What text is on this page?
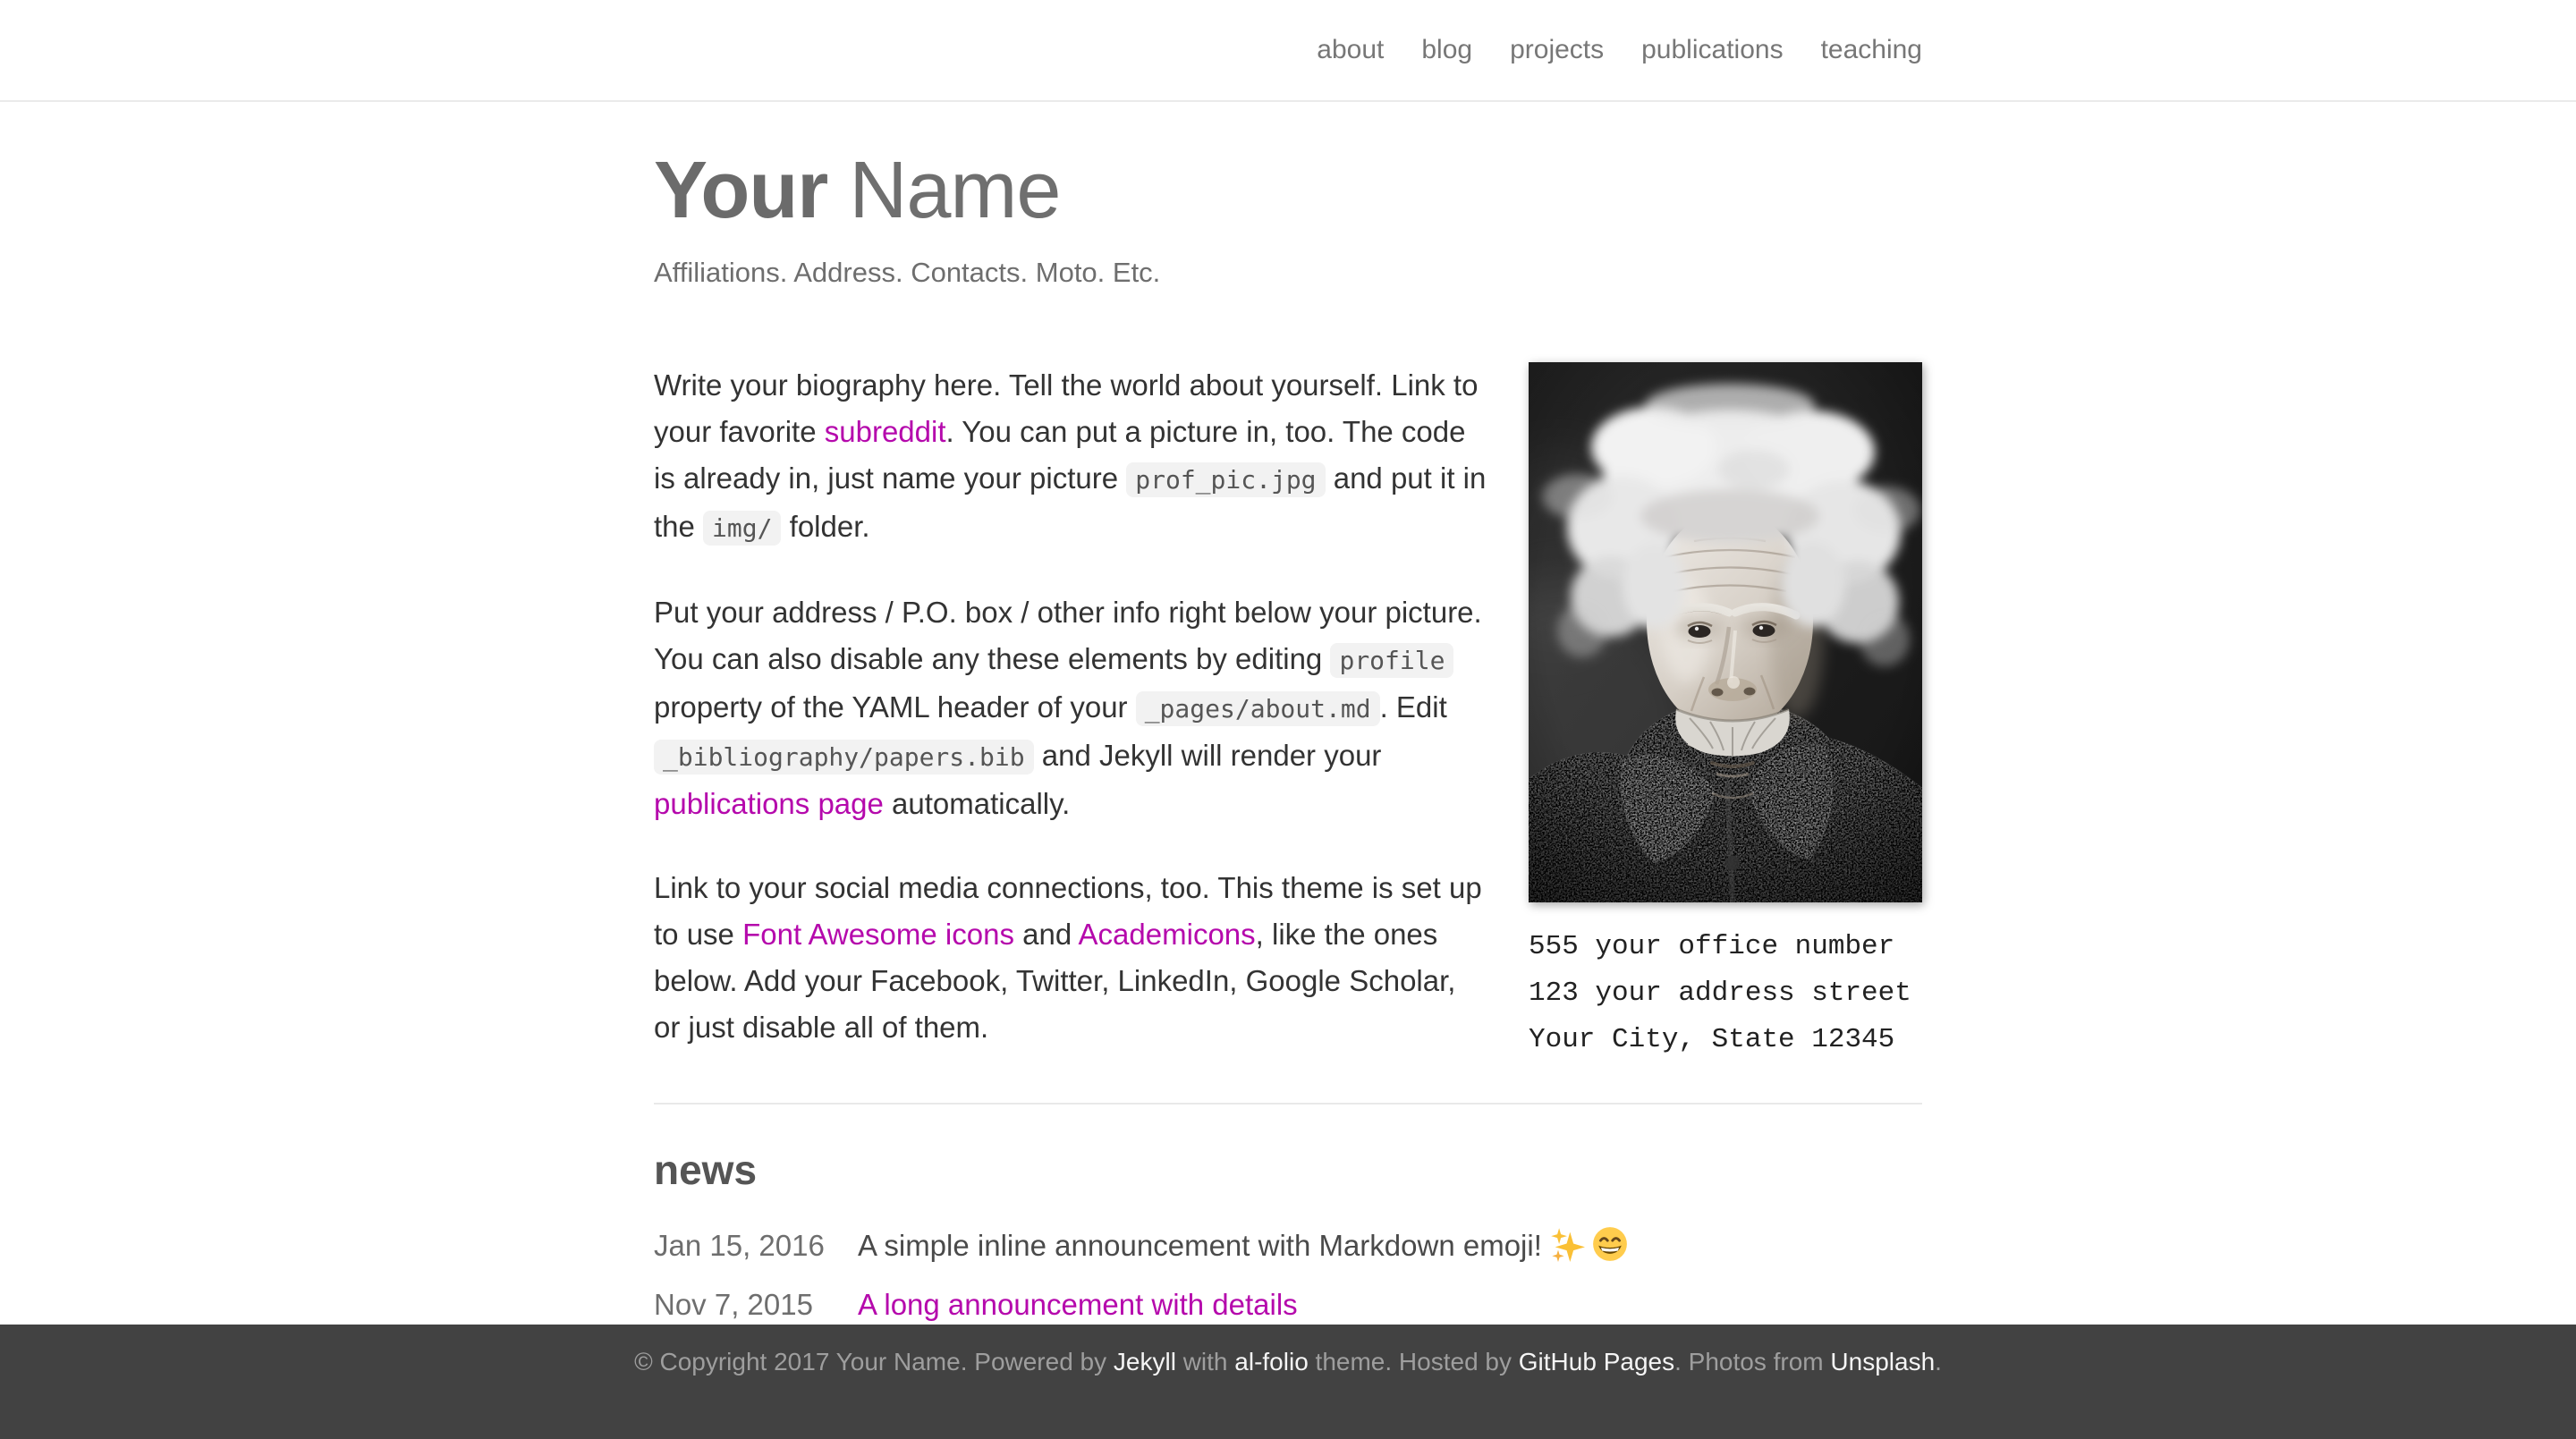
about blog projects publications teaching
Your Name
Affiliations. Address. Contacts. Moto. Etc.

Write your biography here. Tell the world about yourself. Link to your favorite subreddit. You can put a picture in, too. The code is already in, just name your picture prof_pic.jpg and put it in the img/ folder.

Put your address / P.O. box / other info right below your picture. You can also disable any these elements by editing profile property of the YAML header of your _pages/about.md . Edit _bibliography/papers.bib and Jekyll will render your publications page automatically.

Link to your social media connections, too. This theme is set up to use Font Awesome icons and Academicons, like the ones below. Add your Facebook, Twitter, LinkedIn, Google Scholar, or just disable all of them.

555 your office number
123 your address street
Your City, State 12345
news
Jan 15, 2016	A simple inline announcement with Markdown emoji!
Nov 7, 2015	A long announcement with details

© Copyright 2017 Your Name. Powered by Jekyll with al-folio theme. Hosted by GitHub Pages. Photos from Unsplash.
